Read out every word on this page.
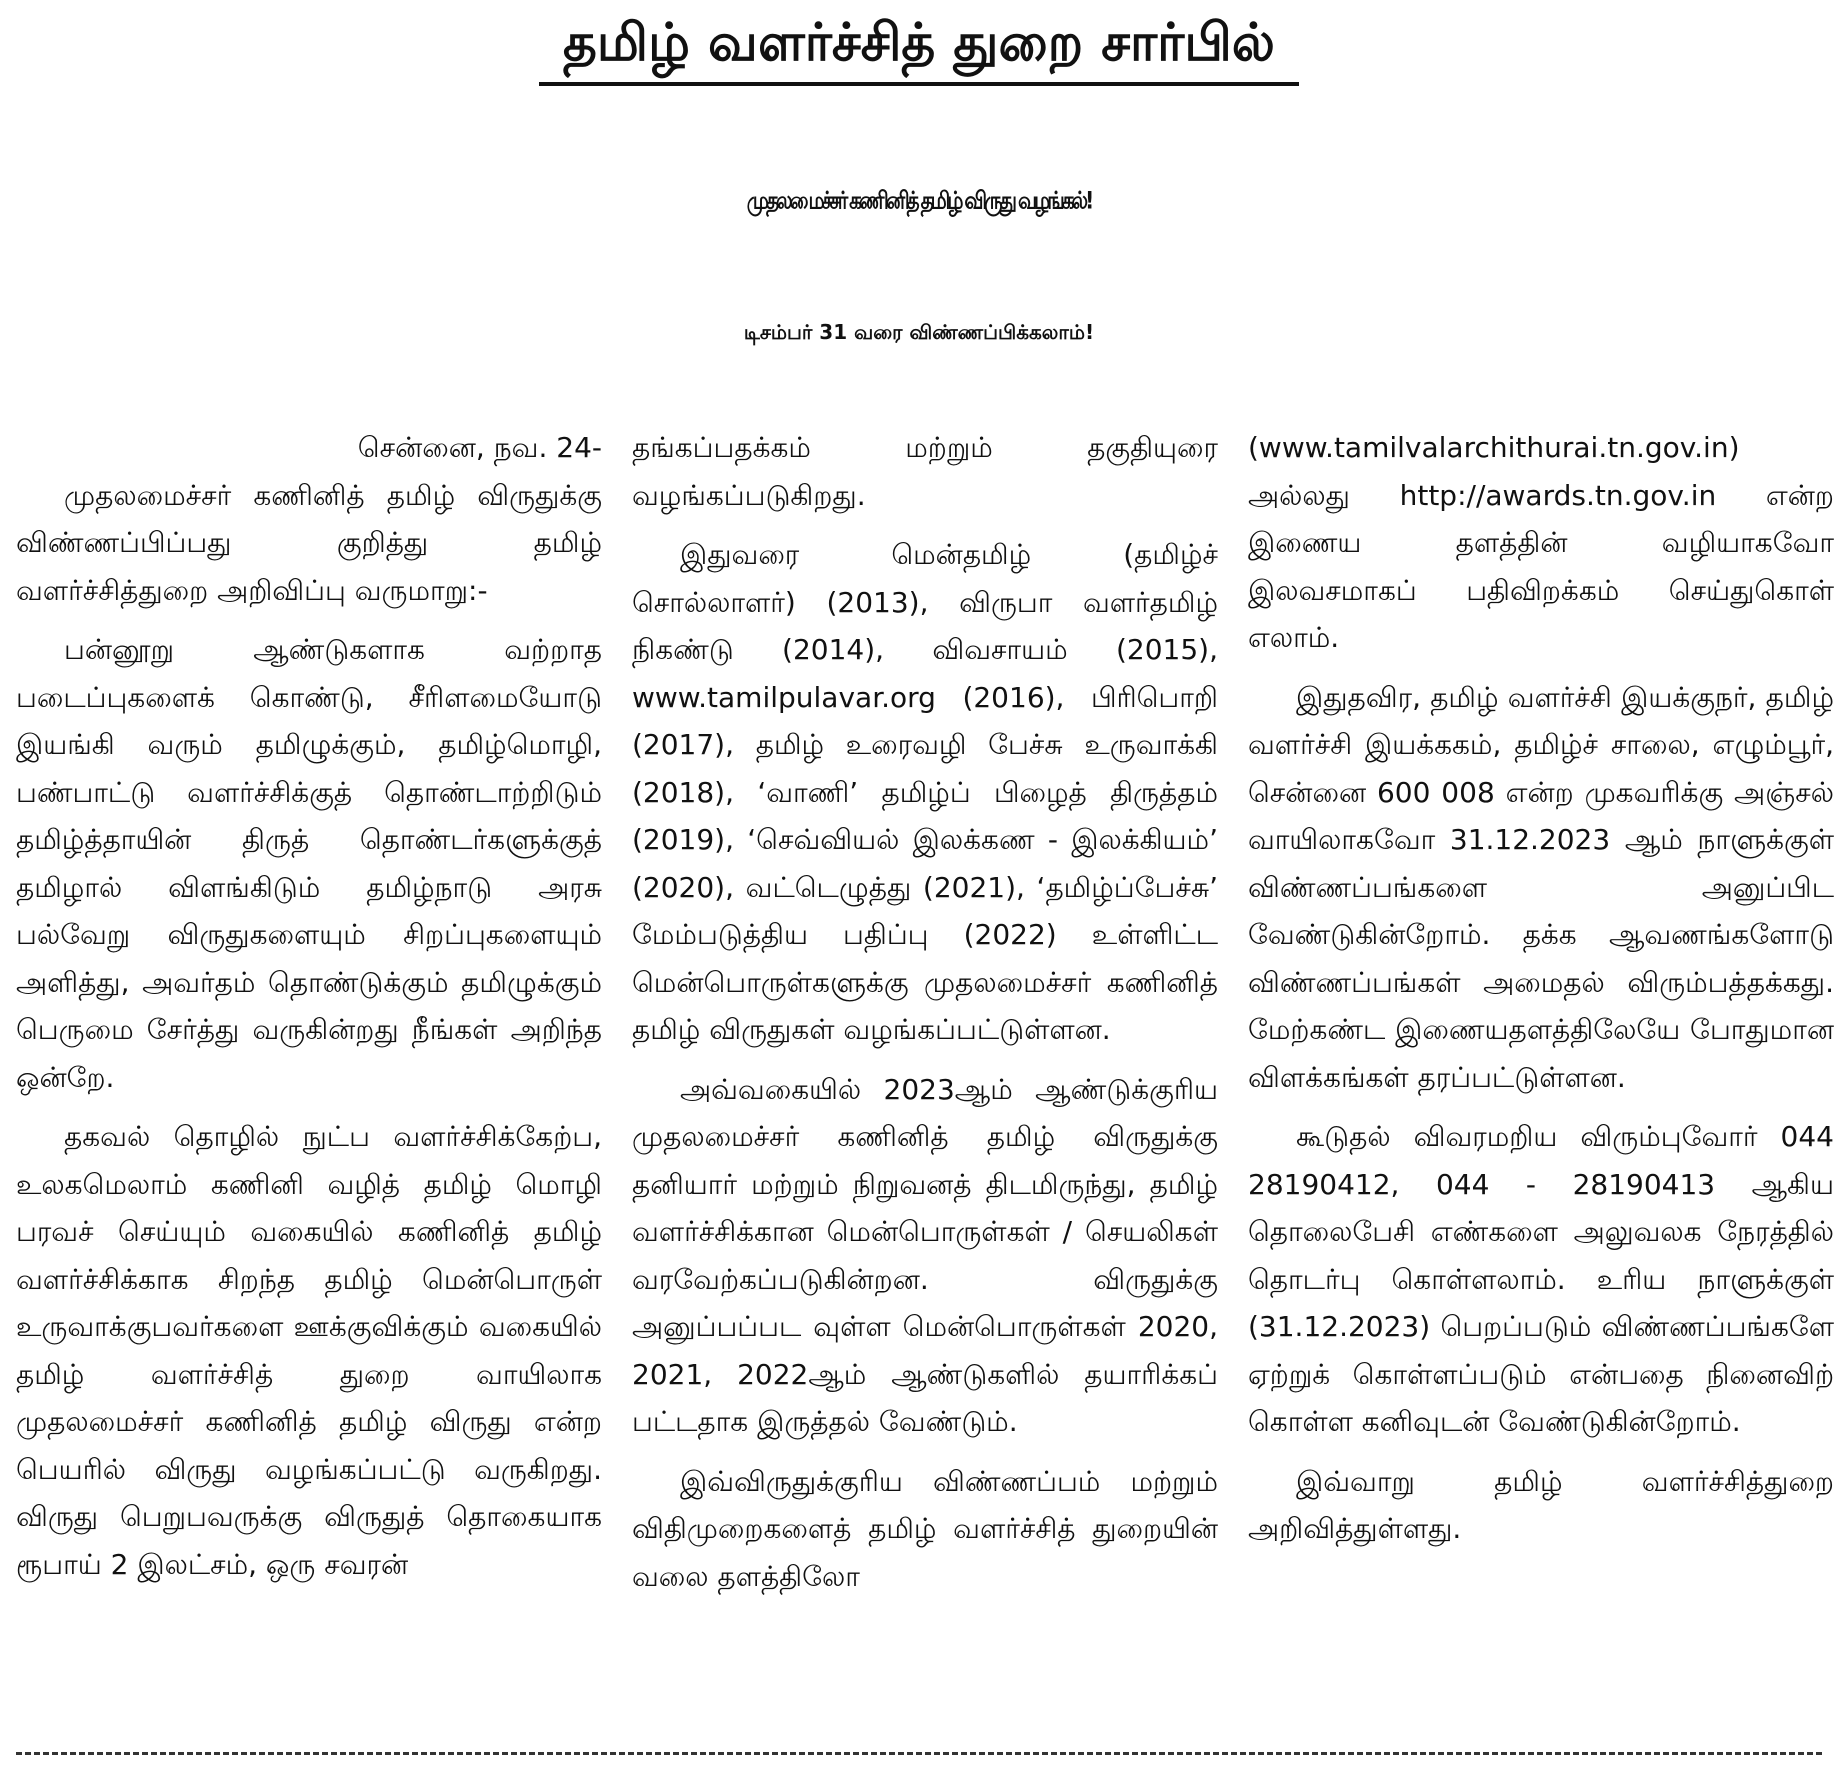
தமிழ் வளர்ச்சித் துறை சார்பில்
முதலமைச்சர் கணினித் தமிழ் விருது வழங்கல்!
டிசம்பர் 31 வரை விண்ணப்பிக்கலாம்!

சென்னை, நவ. 24-

முதலமைச்சர் கணினித் தமிழ் விருதுக்கு விண்ணப்பிப்பது குறித்து தமிழ் வளர்ச்சித்துறை அறிவிப்பு வருமாறு:-

பன்னூறு ஆண்டுகளாக வற்றாத படைப்புகளைக் கொண்டு, சீரிளமையோடு இயங்கி வரும் தமிழுக்கும், தமிழ்மொழி, பண்பாட்டு வளர்ச்சிக்குத் தொண்டாற்றிடும் தமிழ்த்தாயின் திருத் தொண்டர்களுக்குத் தமிழால் விளங்கிடும் தமிழ்நாடு அரசு பல்வேறு விருதுகளையும் சிறப்புகளையும் அளித்து, அவர்தம் தொண்டுக்கும் தமிழுக்கும் பெருமை சேர்த்து வருகின்றது நீங்கள் அறிந்த ஒன்றே.

தகவல் தொழில் நுட்ப வளர்ச்சிக்கேற்ப, உலகமெலாம் கணினி வழித் தமிழ் மொழி பரவச் செய்யும் வகையில் கணினித் தமிழ் வளர்ச்சிக்காக சிறந்த தமிழ் மென்பொருள் உருவாக்குபவர்களை ஊக்குவிக்கும் வகையில் தமிழ் வளர்ச்சித் துறை வாயிலாக முதலமைச்சர் கணினித் தமிழ் விருது என்ற பெயரில் விருது வழங்கப்பட்டு வருகிறது. விருது பெறுபவருக்கு விருதுத் தொகையாக ரூபாய் 2 இலட்சம், ஒரு சவரன்

தங்கப்பதக்கம் மற்றும் தகுதியுரை வழங்கப்படுகிறது.

இதுவரை மென்தமிழ் (தமிழ்ச் சொல்லாளர்) (2013), விருபா வளர்தமிழ் நிகண்டு (2014), விவசாயம் (2015), www.tamilpulavar.org (2016), பிரிபொறி (2017), தமிழ் உரைவழி பேச்சு உருவாக்கி (2018), ‘வாணி’ தமிழ்ப் பிழைத் திருத்தம் (2019), ‘செவ்வியல் இலக்கண - இலக்கியம்’ (2020), வட்டெழுத்து (2021), ‘தமிழ்ப்பேச்சு’ மேம்படுத்திய பதிப்பு (2022) உள்ளிட்ட மென்பொருள்களுக்கு முதலமைச்சர் கணினித் தமிழ் விருதுகள் வழங்கப்பட்டுள்ளன.

அவ்வகையில் 2023ஆம் ஆண்டுக்குரிய முதலமைச்சர் கணினித் தமிழ் விருதுக்கு தனியார் மற்றும் நிறுவனத் திடமிருந்து, தமிழ் வளர்ச்சிக்கான மென்பொருள்கள் / செயலிகள் வரவேற்கப்படுகின்றன. விருதுக்கு அனுப்பப்பட வுள்ள மென்பொருள்கள் 2020, 2021, 2022ஆம் ஆண்டுகளில் தயாரிக்கப் பட்டதாக இருத்தல் வேண்டும்.

இவ்விருதுக்குரிய விண்ணப்பம் மற்றும் விதிமுறைகளைத் தமிழ் வளர்ச்சித் துறையின் வலை தளத்திலோ

(www.tamilvalarchithurai.tn.gov.in) அல்லது http://awards.tn.gov.in என்ற இணைய தளத்தின் வழியாகவோ இலவசமாகப் பதிவிறக்கம் செய்துகொள் எலாம்.

இதுதவிர, தமிழ் வளர்ச்சி இயக்குநர், தமிழ் வளர்ச்சி இயக்ககம், தமிழ்ச் சாலை, எழும்பூர், சென்னை 600 008 என்ற முகவரிக்கு அஞ்சல் வாயிலாகவோ 31.12.2023 ஆம் நாளுக்குள் விண்ணப்பங்களை அனுப்பிட வேண்டுகின்றோம். தக்க ஆவணங்களோடு விண்ணப்பங்கள் அமைதல் விரும்பத்தக்கது. மேற்கண்ட இணையதளத்திலேயே போதுமான விளக்கங்கள் தரப்பட்டுள்ளன.

கூடுதல் விவரமறிய விரும்புவோர் 044 28190412, 044 - 28190413 ஆகிய தொலைபேசி எண்களை அலுவலக நேரத்தில் தொடர்பு கொள்ளலாம். உரிய நாளுக்குள் (31.12.2023) பெறப்படும் விண்ணப்பங்களே ஏற்றுக் கொள்ளப்படும் என்பதை நினைவிற் கொள்ள கனிவுடன் வேண்டுகின்றோம்.

இவ்வாறு தமிழ் வளர்ச்சித்துறை அறிவித்துள்ளது.
